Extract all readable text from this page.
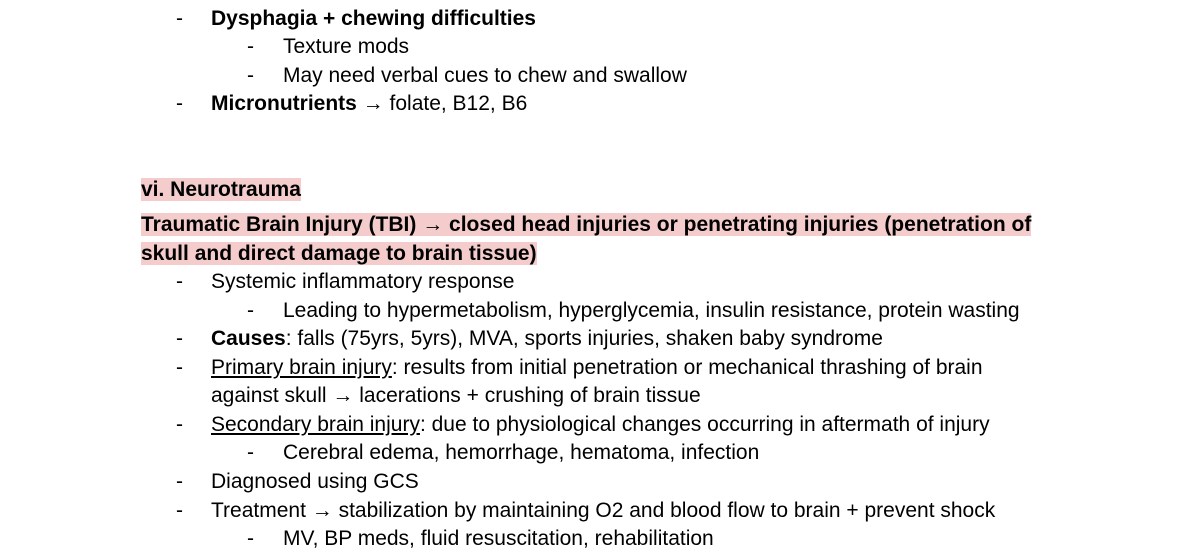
- Dysphagia + chewing difficulties
- Texture mods
- May need verbal cues to chew and swallow
- Micronutrients → folate, B12, B6
vi. Neurotrauma
Traumatic Brain Injury (TBI) → closed head injuries or penetrating injuries (penetration of
skull and direct damage to brain tissue)
- Systemic inflammatory response
- Leading to hypermetabolism, hyperglycemia, insulin resistance, protein wasting
- Causes: falls (75yrs, 5yrs), MVA, sports injuries, shaken baby syndrome
- Primary brain injury: results from initial penetration or mechanical thrashing of brain
against skull → lacerations + crushing of brain tissue
- Secondary brain injury: due to physiological changes occurring in aftermath of injury
- Cerebral edema, hemorrhage, hematoma, infection
- Diagnosed using GCS
- Treatment → stabilization by maintaining O2 and blood flow to brain + prevent shock
- MV, BP meds, fluid resuscitation, rehabilitation
